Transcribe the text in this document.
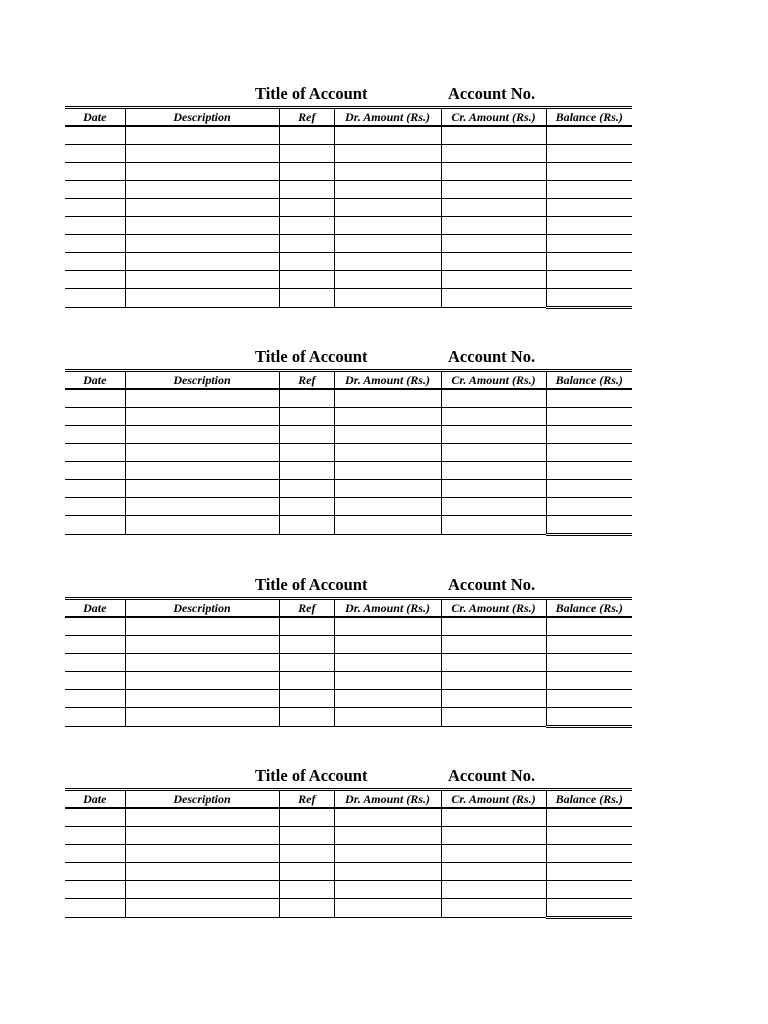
Title of Account	Account No.
Date	Description	Ref	Dr. Amount (Rs.)	Cr. Amount (Rs.)	Balance (Rs.)

Title of Account	Account No.
Date	Description	Ref	Dr. Amount (Rs.)	Cr. Amount (Rs.)	Balance (Rs.)

Title of Account	Account No.
Date	Description	Ref	Dr. Amount (Rs.)	Cr. Amount (Rs.)	Balance (Rs.)

Title of Account	Account No.
Date	Description	Ref	Dr. Amount (Rs.)	Cr. Amount (Rs.)	Balance (Rs.)
